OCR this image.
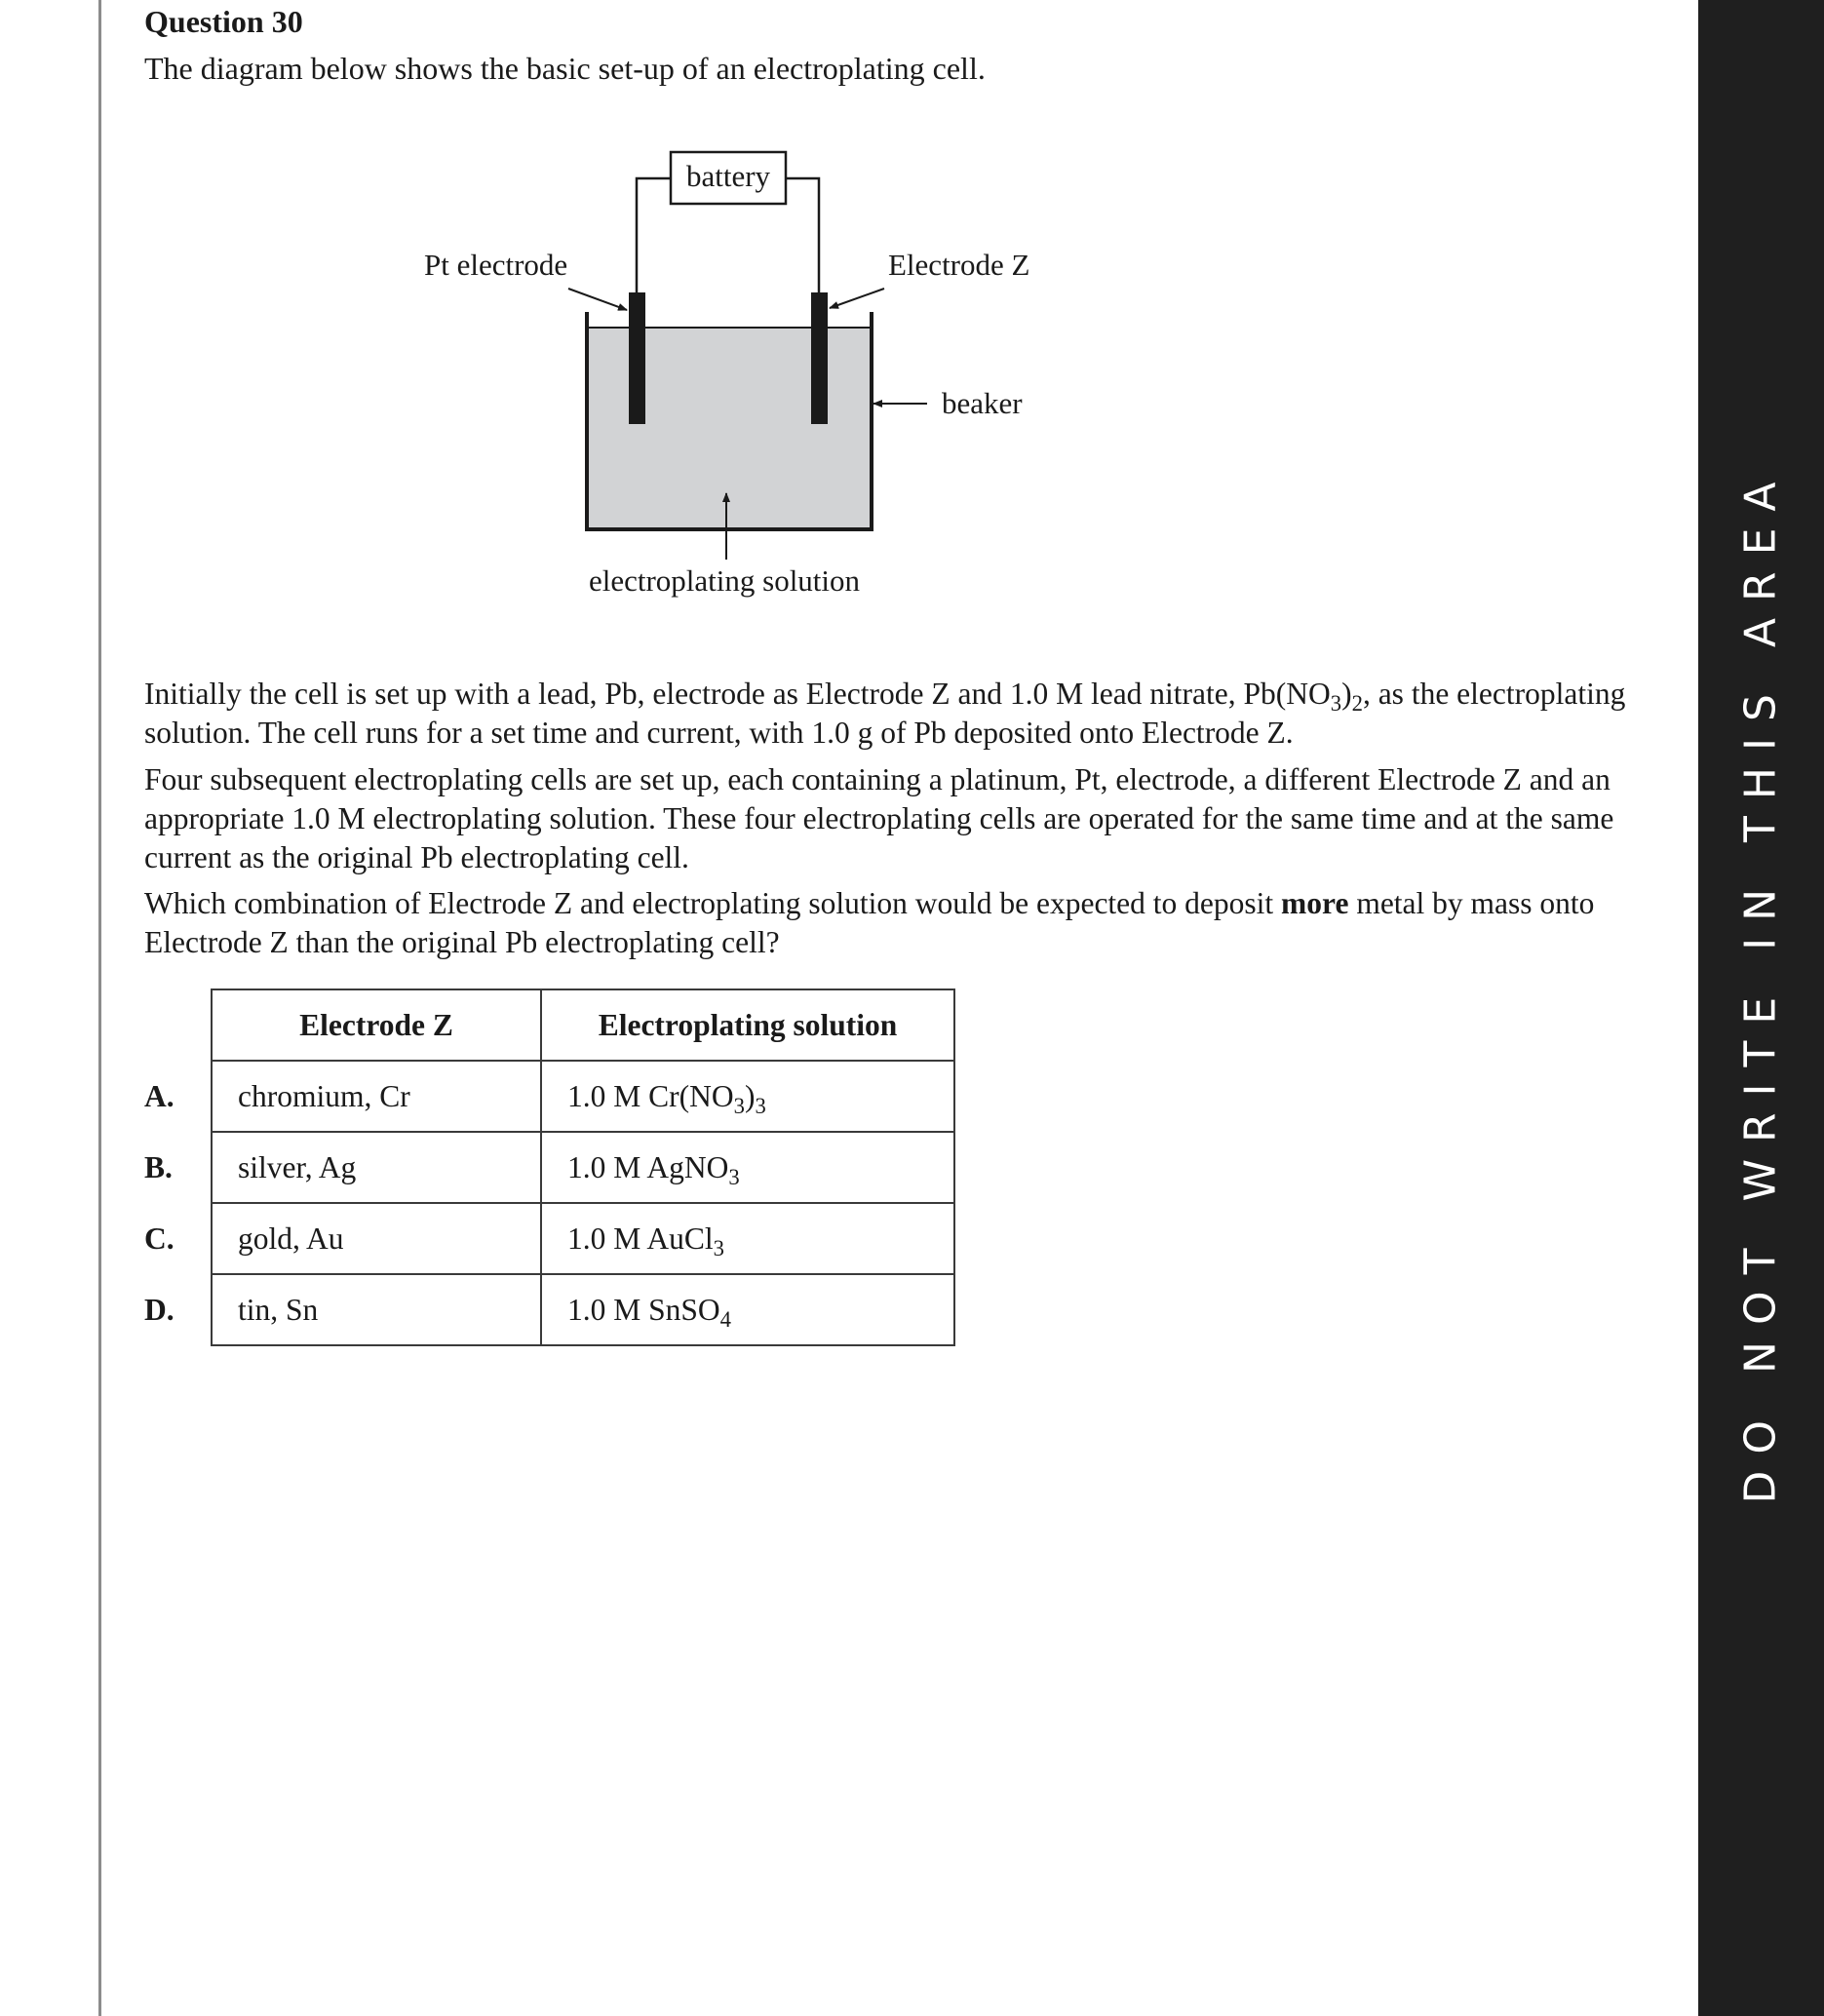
Question 30
The diagram below shows the basic set-up of an electroplating cell.
battery
Pt electrode	Electrode Z
beaker
electroplating solution

Initially the cell is set up with a lead, Pb, electrode as Electrode Z and 1.0 M lead nitrate, $Pb(NO_3)_2$, as the electroplating solution. The cell runs for a set time and current, with 1.0 g of Pb deposited onto Electrode Z.

Four subsequent electroplating cells are set up, each containing a platinum, Pt, electrode, a different Electrode Z and an appropriate 1.0 M electroplating solution. These four electroplating cells are operated for the same time and at the same current as the original Pb electroplating cell.

Which combination of Electrode Z and electroplating solution would be expected to deposit more metal by mass onto Electrode Z than the original Pb electroplating cell?

	Electrode Z	Electroplating solution
A.	chromium, Cr	1.0 M $Cr(NO_3)_3$
B.	silver, Ag	1.0 M AgNO$_3$
C.	gold, Au	1.0 M AuCl$_3$
D.	tin, Sn	1.0 M SnSO$_4$	DO NOT WRITE IN THIS AREA
